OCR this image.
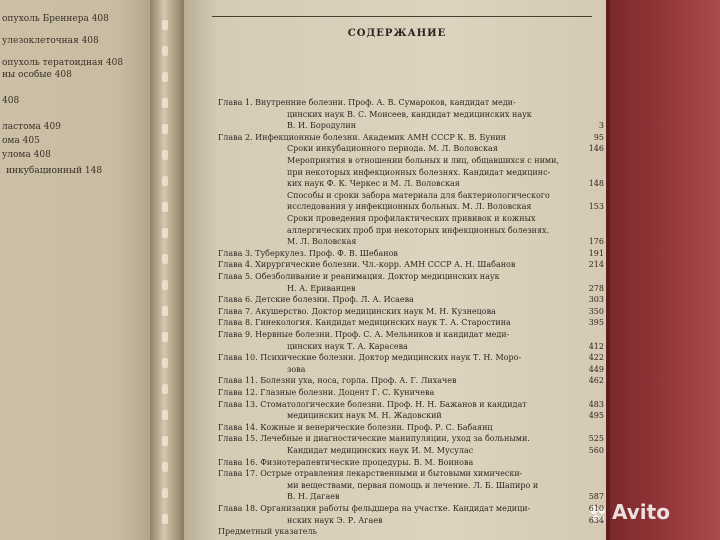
опухоль Бреннера 408
улезоклеточная 408
опухоль тератоидная 408
ны особые 408
408
ластома 409
ома 405
улома 408
инкубационный 148
СОДЕРЖАНИЕ
Avito
Глава 1. Внутренние болезни. Проф. А. В. Сумароков, кандидат меди-
цинских наук В. С. Моисеев, кандидат медицинских наук
В. И. Бородулин	3
Глава 2. Инфекционные болезни. Академик АМН СССР К. В. Бунин	95
Сроки инкубационного периода. М. Л. Воловская	146
Мероприятия в отношении больных и лиц, общавшихся с ними,
при некоторых инфекционных болезнях. Кандидат медицинс-
ких наук Ф. К. Черкес и М. Л. Воловская	148
Способы и сроки забора материала для бактериологического
исследования у инфекционных больных. М. Л. Воловская	153
Сроки проведения профилактических прививок и кожных
аллергических проб при некоторых инфекционных болезнях.
М. Л. Воловская	176
Глава 3. Туберкулез. Проф. Ф. В. Шебанов	191
Глава 4. Хирургические болезни. Чл.-корр. АМН СССР А. Н. Шабанов	214
Глава 5. Обезболивание и реанимация. Доктор медицинских наук
Н. А. Ериванцев	278
Глава 6. Детские болезни. Проф. Л. А. Исаева	303
Глава 7. Акушерство. Доктор медицинских наук М. Н. Кузнецова	350
Глава 8. Гинекология. Кандидат медицинских наук Т. А. Старостина	395
Глава 9. Нервные болезни. Проф. С. А. Мельников и кандидат меди-
цинских наук Т. А. Карасева	412
Глава 10. Психические болезни. Доктор медицинских наук Т. Н. Моро-	422
зова	449
Глава 11. Болезни уха, носа, горла. Проф. А. Г. Лихачев	462
Глава 12. Глазные болезни. Доцент Г. С. Куничева
Глава 13. Стоматологические болезни. Проф. Н. Н. Бажанов и кандидат	483
медицинских наук М. Н. Жадовский	495
Глава 14. Кожные и венерические болезни. Проф. Р. С. Бабаянц
Глава 15. Лечебные и диагностические манипуляции, уход за больными.	525
Кандидат медицинских наук И. М. Мусулас	560
Глава 16. Физиотерапевтические процедуры. В. М. Воинова
Глава 17. Острые отравления лекарственными и бытовыми химически-
ми веществами, первая помощь и лечение. Л. Б. Шапиро и
В. Н. Дагаев	587
Глава 18. Организация работы фельдшера на участке. Кандидат медици-	610
нских наук Э. Р. Агаев	634
Предметный указатель
